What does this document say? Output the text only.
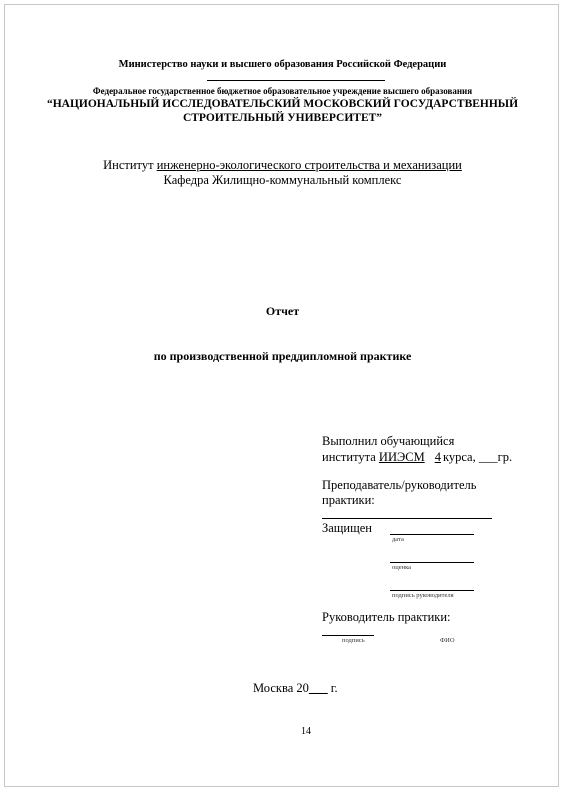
Министерство науки и высшего образования Российской Федерации
Федеральное государственное бюджетное образовательное учреждение высшего образования
“НАЦИОНАЛЬНЫЙ ИССЛЕДОВАТЕЛЬСКИЙ МОСКОВСКИЙ ГОСУДАРСТВЕННЫЙ
СТРОИТЕЛЬНЫЙ УНИВЕРСИТЕТ”
Институт инженерно-экологического строительства и механизации
Кафедра Жилищно-коммунальный комплекс
Отчет
по производственной преддипломной практике
Выполнил обучающийся
института ИИЭСМ 4 курса, ___гр.
Преподаватель/руководитель
практики:
Защищен
дата
оценка
подпись руководителя
Руководитель практики:
подпись	ФИО
Москва 20___ г.
14
